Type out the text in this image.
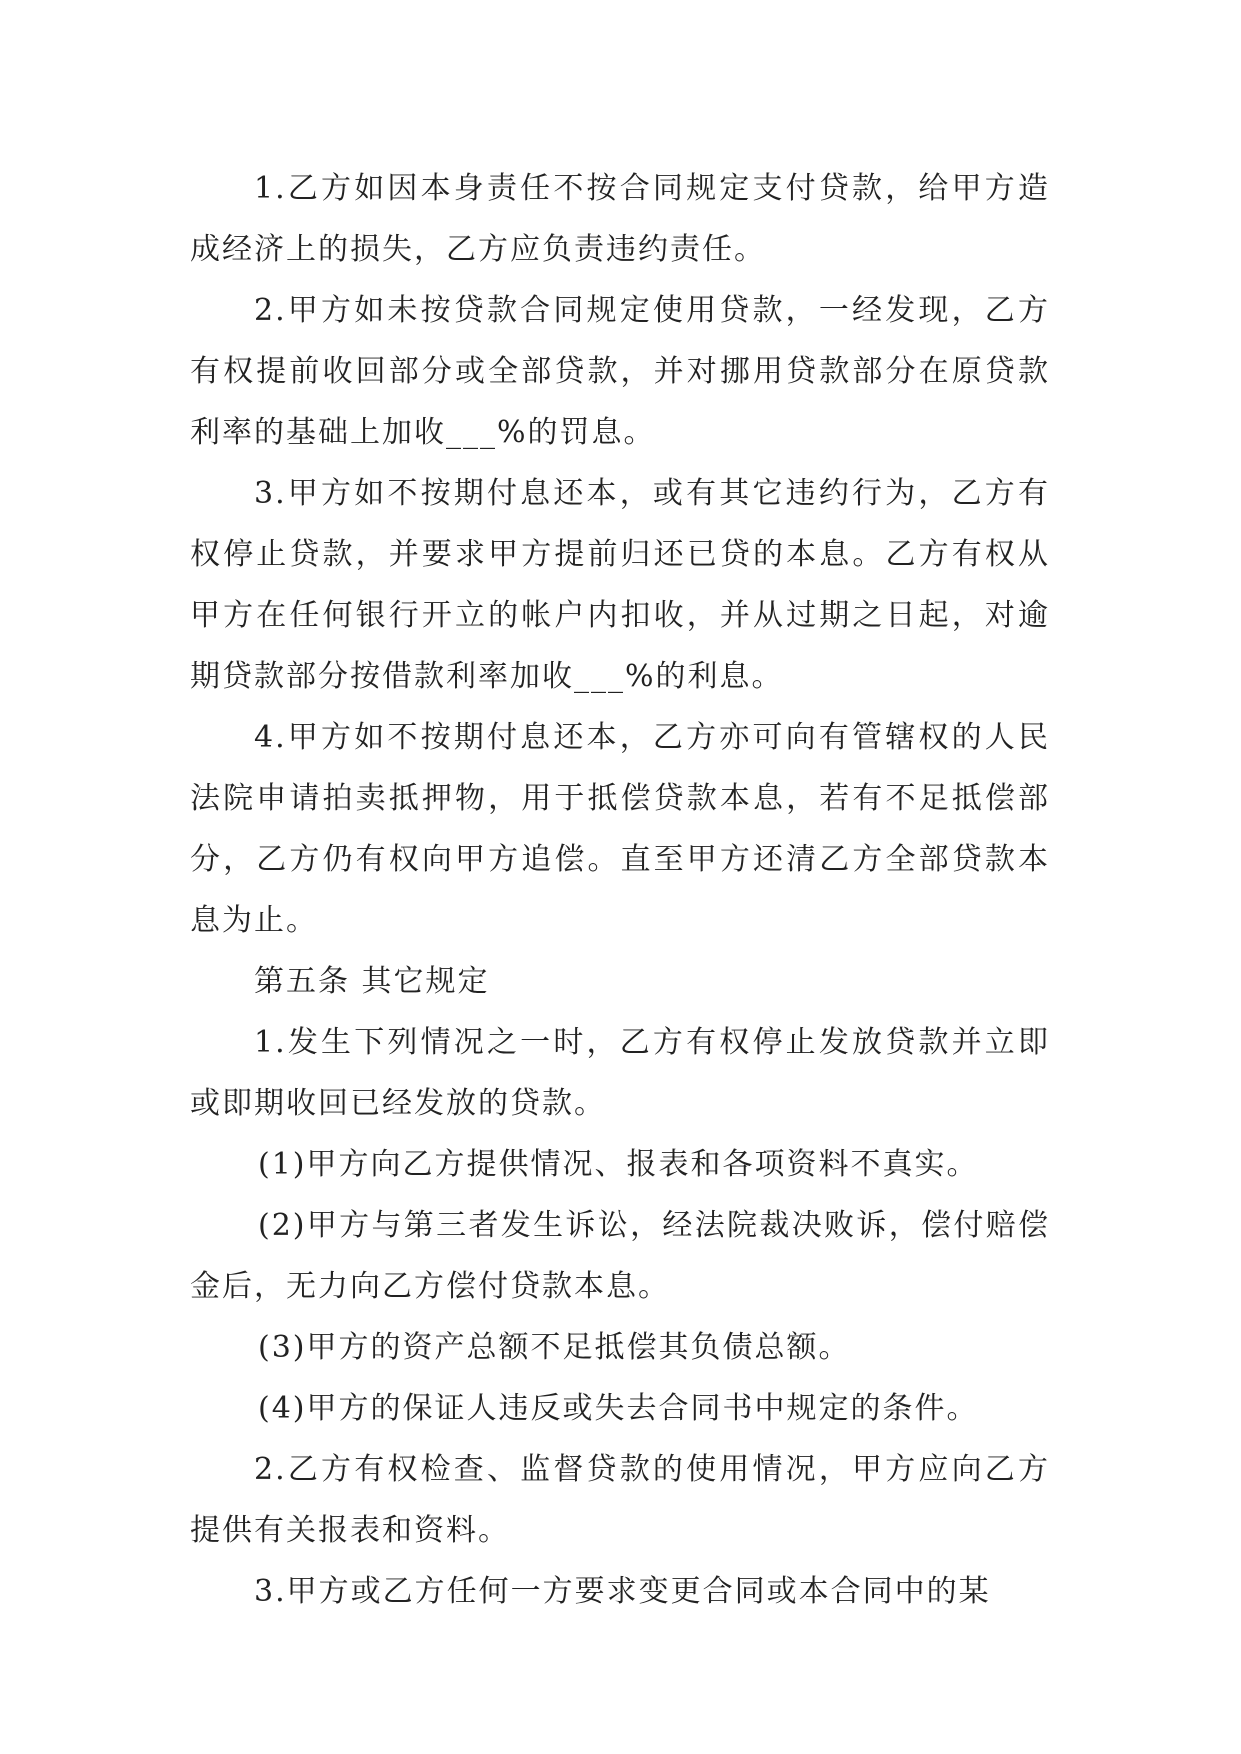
1.乙方如因本身责任不按合同规定支付贷款，给甲方造成经济上的损失，乙方应负责违约责任。

2.甲方如未按贷款合同规定使用贷款，一经发现，乙方有权提前收回部分或全部贷款，并对挪用贷款部分在原贷款利率的基础上加收___%的罚息。

3.甲方如不按期付息还本，或有其它违约行为，乙方有权停止贷款，并要求甲方提前归还已贷的本息。乙方有权从甲方在任何银行开立的帐户内扣收，并从过期之日起，对逾期贷款部分按借款利率加收___%的利息。

4.甲方如不按期付息还本，乙方亦可向有管辖权的人民法院申请拍卖抵押物，用于抵偿贷款本息，若有不足抵偿部分，乙方仍有权向甲方追偿。直至甲方还清乙方全部贷款本息为止。

第五条 其它规定

1.发生下列情况之一时，乙方有权停止发放贷款并立即或即期收回已经发放的贷款。

(1)甲方向乙方提供情况、报表和各项资料不真实。

(2)甲方与第三者发生诉讼，经法院裁决败诉，偿付赔偿金后，无力向乙方偿付贷款本息。

(3)甲方的资产总额不足抵偿其负债总额。

(4)甲方的保证人违反或失去合同书中规定的条件。

2.乙方有权检查、监督贷款的使用情况，甲方应向乙方提供有关报表和资料。

3.甲方或乙方任何一方要求变更合同或本合同中的某
